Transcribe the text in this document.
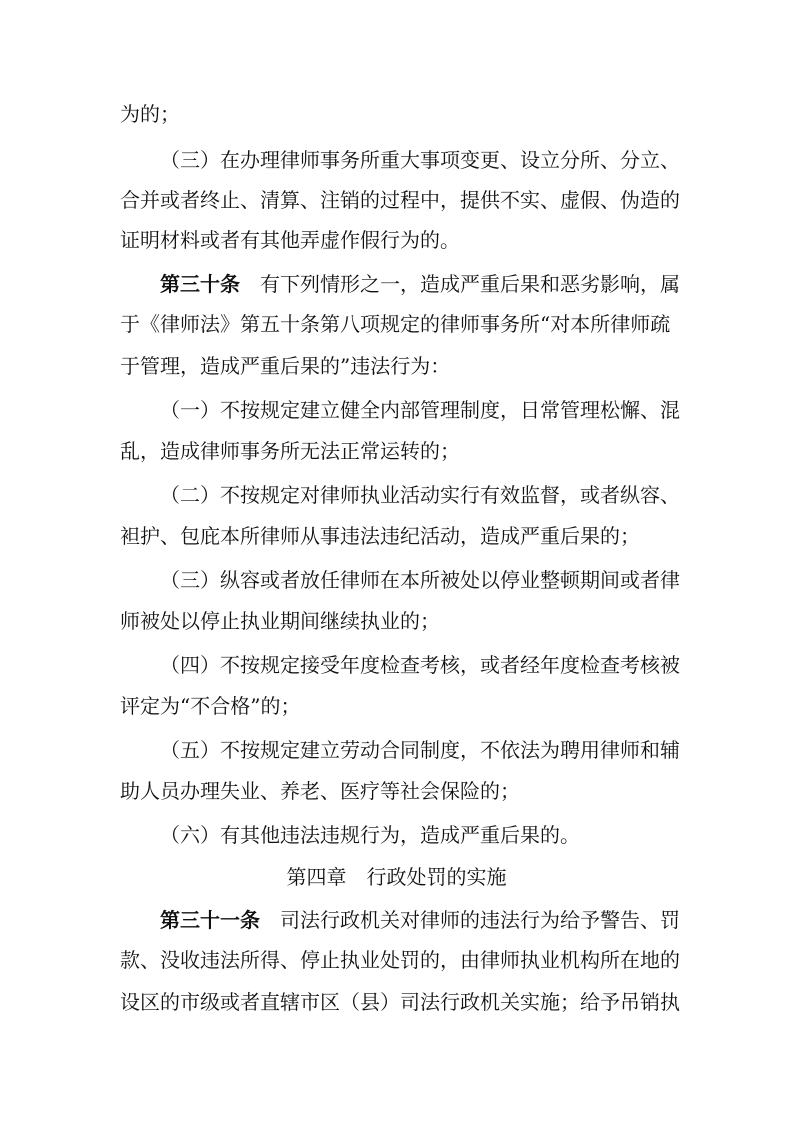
为的；
（三）在办理律师事务所重大事项变更、设立分所、分立、
合并或者终止、清算、注销的过程中，提供不实、虚假、伪造的
证明材料或者有其他弄虚作假行为的。
第三十条 有下列情形之一，造成严重后果和恶劣影响，属
于《律师法》第五十条第八项规定的律师事务所“对本所律师疏
于管理，造成严重后果的”违法行为：
（一）不按规定建立健全内部管理制度，日常管理松懈、混
乱，造成律师事务所无法正常运转的；
（二）不按规定对律师执业活动实行有效监督，或者纵容、
袒护、包庇本所律师从事违法违纪活动，造成严重后果的；
（三）纵容或者放任律师在本所被处以停业整顿期间或者律
师被处以停止执业期间继续执业的；
（四）不按规定接受年度检查考核，或者经年度检查考核被
评定为“不合格”的；
（五）不按规定建立劳动合同制度，不依法为聘用律师和辅
助人员办理失业、养老、医疗等社会保险的；
（六）有其他违法违规行为，造成严重后果的。
第四章　行政处罚的实施
第三十一条 司法行政机关对律师的违法行为给予警告、罚
款、没收违法所得、停止执业处罚的，由律师执业机构所在地的
设区的市级或者直辖市区（县）司法行政机关实施；给予吊销执
